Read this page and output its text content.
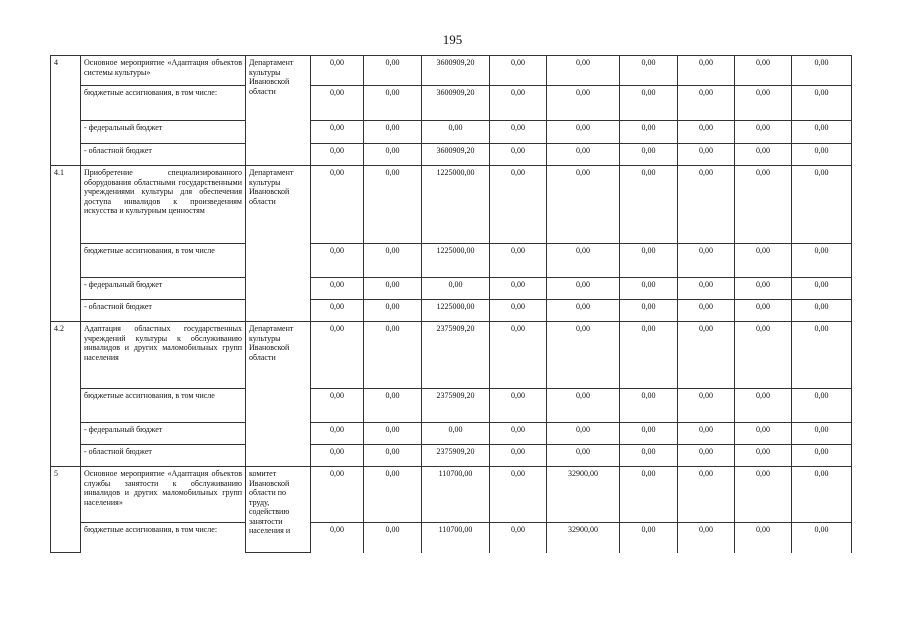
195
4	Основное мероприятие «Адаптация объектов системы культуры»	Департамент культуры Ивановской области	0,00	0,00	3600909,20	0,00	0,00	0,00	0,00	0,00	0,00
	бюджетные ассигнования, в том числе:		0,00	0,00	3600909,20	0,00	0,00	0,00	0,00	0,00	0,00
	- федеральный бюджет		0,00	0,00	0,00	0,00	0,00	0,00	0,00	0,00	0,00
	- областной бюджет		0,00	0,00	3600909,20	0,00	0,00	0,00	0,00	0,00	0,00
4.1	Приобретение специализированного оборудования областными государственными учреждениями культуры для обеспечения доступа инвалидов к произведениям искусства и культурным ценностям	Департамент культуры Ивановской области	0,00	0,00	1225000,00	0,00	0,00	0,00	0,00	0,00	0,00
	бюджетные ассигнования, в том числе		0,00	0,00	1225000,00	0,00	0,00	0,00	0,00	0,00	0,00
	- федеральный бюджет		0,00	0,00	0,00	0,00	0,00	0,00	0,00	0,00	0,00
	- областной бюджет		0,00	0,00	1225000,00	0,00	0,00	0,00	0,00	0,00	0,00
4.2	Адаптация областных государственных учреждений культуры к обслуживанию инвалидов и других маломобильных групп населения	Департамент культуры Ивановской области	0,00	0,00	2375909,20	0,00	0,00	0,00	0,00	0,00	0,00
	бюджетные ассигнования, в том числе		0,00	0,00	2375909,20	0,00	0,00	0,00	0,00	0,00	0,00
	- федеральный бюджет		0,00	0,00	0,00	0,00	0,00	0,00	0,00	0,00	0,00
	- областной бюджет		0,00	0,00	2375909,20	0,00	0,00	0,00	0,00	0,00	0,00
5	Основное мероприятие «Адаптация объектов службы занятости к обслуживанию инвалидов и других маломобильных групп населения»	комитет Ивановской области по труду, содействию занятости населения и	0,00	0,00	110700,00	0,00	32900,00	0,00	0,00	0,00	0,00
	бюджетные ассигнования, в том числе:		0,00	0,00	110700,00	0,00	32900,00	0,00	0,00	0,00	0,00
